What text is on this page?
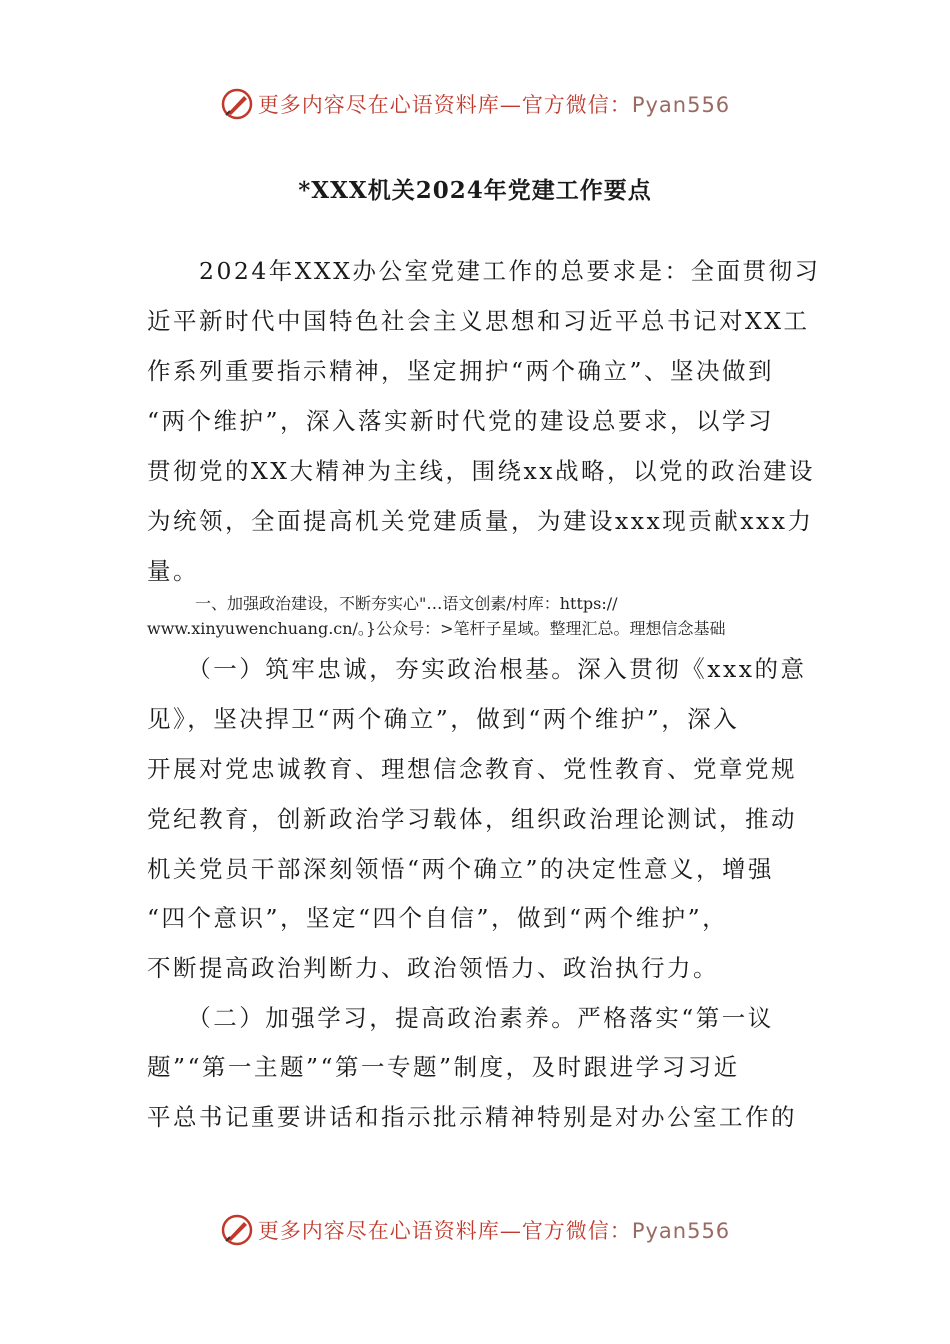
更多内容尽在心语资料库—官方微信：Pyan556
*XXX机关2024年党建工作要点
　　2024年XXX办公室党建工作的总要求是：全面贯彻习
近平新时代中国特色社会主义思想和习近平总书记对XX工
作系列重要指示精神，坚定拥护“两个确立”、坚决做到
“两个维护”，深入落实新时代党的建设总要求，以学习
贯彻党的XX大精神为主线，围绕xx战略，以党的政治建设
为统领，全面提高机关党建质量，为建设xxx现贡献xxx力
量。
　　　一、加强政治建设，不断夯实心"…语文创素/村库：https://
www.xinyuwenchuang.cn/。}公众号：>笔杆子星域。整理汇总。理想信念基础
　　（一）筑牢忠诚，夯实政治根基。深入贯彻《xxx的意
见》，坚决捍卫“两个确立”，做到“两个维护”，深入
开展对党忠诚教育、理想信念教育、党性教育、党章党规
党纪教育，创新政治学习载体，组织政治理论测试，推动
机关党员干部深刻领悟“两个确立”的决定性意义，增强
“四个意识”，坚定“四个自信”，做到“两个维护”，
不断提高政治判断力、政治领悟力、政治执行力。
　　（二）加强学习，提高政治素养。严格落实“第一议
题”“第一主题”“第一专题”制度，及时跟进学习习近
平总书记重要讲话和指示批示精神特别是对办公室工作的
更多内容尽在心语资料库—官方微信：Pyan556
